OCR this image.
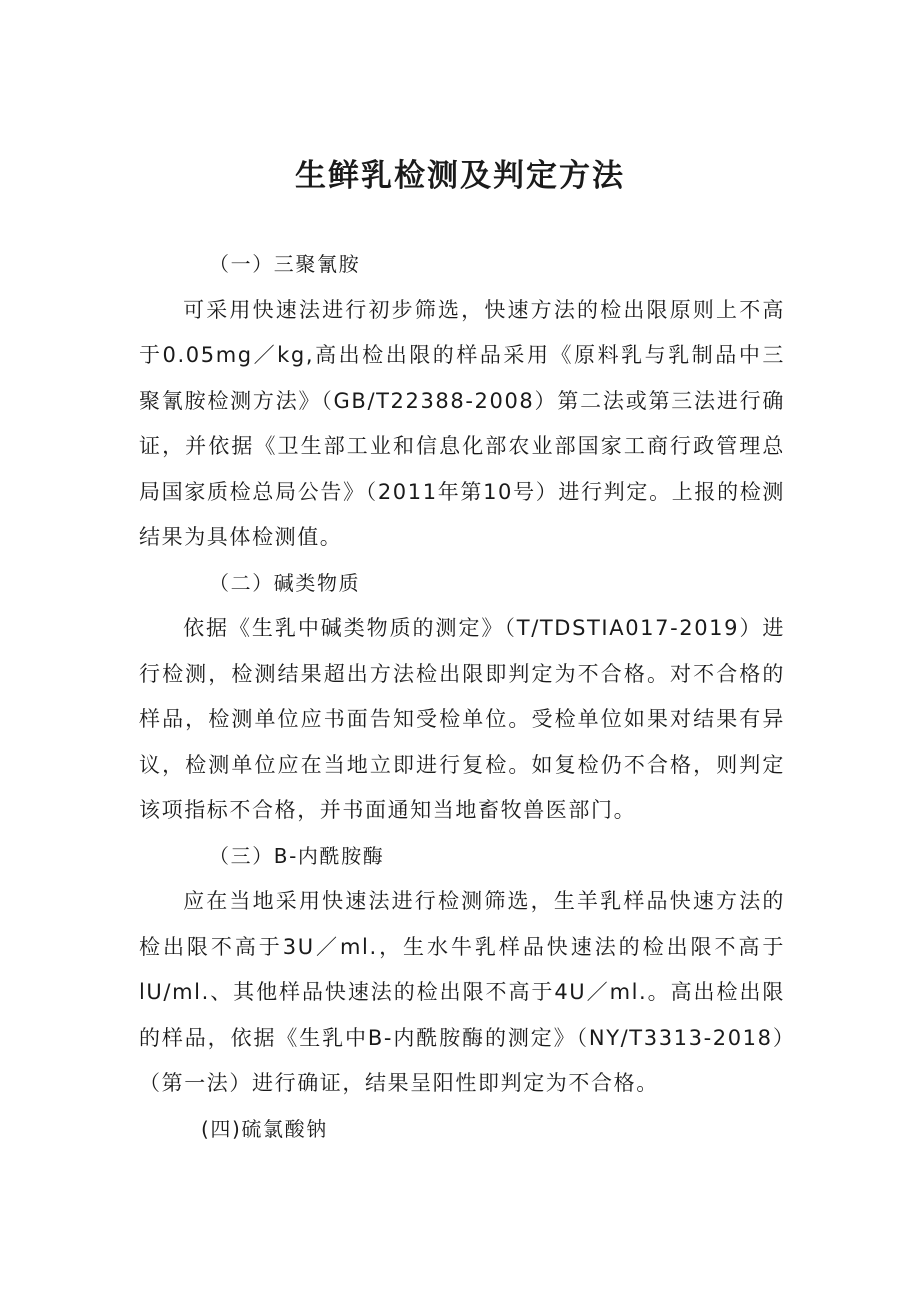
生鲜乳检测及判定方法
（一）三聚氰胺

可采用快速法进行初步筛选，快速方法的检出限原则上不高于0.05mg／kg,高出检出限的样品采用《原料乳与乳制品中三聚氰胺检测方法》（GB/T22388-2008）第二法或第三法进行确证，并依据《卫生部工业和信息化部农业部国家工商行政管理总局国家质检总局公告》（2011年第10号）进行判定。上报的检测结果为具体检测值。

（二）碱类物质

依据《生乳中碱类物质的测定》（T/TDSTIA017-2019）进行检测，检测结果超出方法检出限即判定为不合格。对不合格的样品，检测单位应书面告知受检单位。受检单位如果对结果有异议，检测单位应在当地立即进行复检。如复检仍不合格，则判定该项指标不合格，并书面通知当地畜牧兽医部门。

（三）B-内酰胺酶

应在当地采用快速法进行检测筛选，生羊乳样品快速方法的检出限不高于3U／ml.，生水牛乳样品快速法的检出限不高于lU/ml.、其他样品快速法的检出限不高于4U／ml.。高出检出限的样品，依据《生乳中B-内酰胺酶的测定》（NY/T3313-2018）（第一法）进行确证，结果呈阳性即判定为不合格。

(四)硫氯酸钠
